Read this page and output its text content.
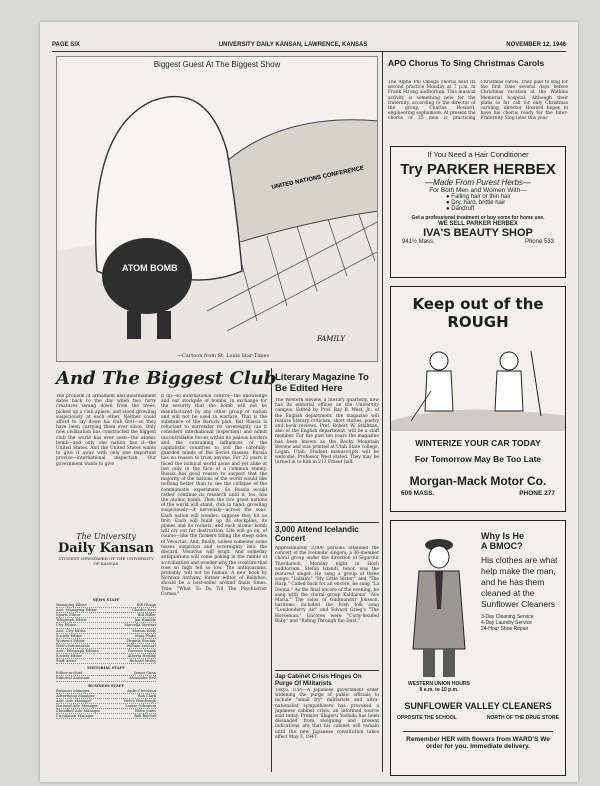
PAGE SIX	UNIVERSITY DAILY KANSAN, LAWRENCE, KANSAS	NOVEMBER 12, 1946
Biggest Guest At The Biggest Show
UNITED NATIONS CONFERENCE
ATOM BOMB
FAMILY
—Cartoon from St. Louis Star-Times
And The Biggest Club
The problem of armament and disarmament dates back to the day when two furry creatures swung down from the trees, picked up a club apiece, and stood growling suspiciously at each other. Neither could afford to lay down his club first—so they have been carrying them ever since. Only now civilization has constructed the biggest club the world has ever seen—the atomic bomb—and only one nation has it—the United States. And the United States wants to give it away with only one important proviso—international inspection. Our government wants to give
it up—to international control—the knowledge and our stockpile of bombs, in exchange for the security that the bomb will not be manufactured by any other group or nation and will not be used in warfare. That is the substance of the Baruch plan. But Russia is reluctant to surrender its sovereignty (as it considers international inspection) and admit uncontrollable forces within its jealous borders and the consuming influences of the capitalistic countries to soil the carefully-guarded minds of the Soviet masses. Russia has no reason to trust anyone. For 22 years it faced the inimical world alone and yet alike at last only in the face of a common enemy. Russia has good reason to suspect that the majority of the nations of the world would like nothing better than to see the collapse of the communistic experiment. So Russia would rather continue its research until it, too, has the atomic bomb. Then the two great nations of the world will stand, club in hand, growling suspiciously—if nervously—across the seas. Each nation will wonder: suppose they hit us first. Each will build up its stockpiles, its planes and its rockets, and each atomic bomb will cry out for destruction. Life will go on, of course—like the farmers tilling the steep sides of Vesuvius. And, finally, unless someone some tosses suspicion and sovereignty into the discard, Vesuvius will erupt. And someday antiquarians will come poking in the rubble of a civilization and wonder why the creature that rose so high fell so low. The antiquarians, probably, will not be human. A new book by Norman Anthony, former editor of Ballyhoo, should be a best-seller around finals times. Title: "What To Do Till The Psychiatrist Comes."
The University
Daily Kansan
STUDENT NEWSPAPER OF THE UNIVERSITY OF KANSAS
NEWS STAFF
Managing Editor	Bill Hoage
Asst. Managing Editor	Charles Ross
Sports Editor	Bill Miller
Telegraph Editor	Jim Humble
City Editor	Marcella Stewart
Asst. City Editor	Marion Eddy
Society Editor	Mary Fluke
Women's Editor	Virginia Sinclair
Men's Intramurals	William Lenhart
Asst. Telegraph Editors	Rowena Swank
Society Editor	Alberta Herlihy
Staff Artist	Richard Moley
EDITORIAL STAFF
Editor-in-chief	James Gunn
Editorial Assistant	Alexander Bell
BUSINESS STAFF
Business Manager	Ardis Cleveland
Advertising Manager	Bob Clark
Asst. Adv. Manager	Helen Heinbaugh
National Adv. Manager	Louise Schramm
Classified Adv. Manager	Bette Jones
Circulation Manager	Bob Beichel
Literary Magazine To Be Edited Here
The Western Review, a literary quarterly, now has its editorial offices on the University campus. Edited by Prof. Ray B. West, Jr., of the English department, the magazine will feature literary criticism, short stories, poetry and book reviews. Prof. Robert W. Stallman, also of the English department, will be a staff member. For the past ten years the magazine has been known as the Rocky Mountain Review and was printed at Utah State college, Logan, Utah. Student manuscripts will be welcome, Professor West stated. They may be turned in to him in 213 Fraser hall.
3,000 Attend Icelandic Concert
Approximately 3,000 persons attended the concert of the Icelandic singers, a 36-member choral group under the direction of Sigurdur Thordarson, Monday night in Hoch auditorium. Stefan Islandi, tenor, was the featured singer. He sang a group of three songs, "Lullaby," "My Little Sister," and "The Harp." Called back for an encore, he sang "La Donna." As the final encore of the evening, he sang with the choral group Kaldalons' "Ave Maria." The solos of Gudmundur Jonsson, baritone, included the Irish folk song "Londonderry Air" and Edvard Grieg's "The Horseman." Encores were "Curly-headed Baby" and "Riding Through the Dust."
Jap Cabinet Crisis Hinges On Purge Of Militarists
Tokyo. (UP)—A Japanese government order widening the purge of public officials to include "small fry" militarists and ultra-nationalist sympathizers has provoked a Japanese cabinet crisis, an informed source said today. Premier Shigeru Yoshida has been dissuaded from resigning and present indications are that his cabinet will remain until the new Japanese constitution takes effect May 3, 1947.
APO Chorus To Sing Christmas Carols
The Alpha Phi Omega chorus held its second practice Monday at 7 p.m. in Frank Strong auditorium. This musical activity is something new for the fraternity, according to the director of the group, Charles Howard, engineering sophomore. At present the chorus of 25 men is practicing Christmas carols. They plan to sing for the first time several days before Christmas vacation at the Watkins Memorial hospital. Although their plans so far call for only Christmas caroling, director Howard hopes to have his chorus ready for the Inter-Fraternity Sing later this year.
If You Need a Hair Conditioner
Try PARKER HERBEX
—Made From Purest Herbs—
For Both Men and Women With—
● Falling hair or thin hair
● Dry, hard, brittle hair
● Dandruff
Get a professional treatment or buy some for home use.
WE SELL PARKER HERBEX
IVA'S BEAUTY SHOP
941½ Mass.	Phone 533
Keep out of the ROUGH
WINTERIZE YOUR CAR TODAY
For Tomorrow May Be Too Late
Morgan-Mack Motor Co.
609 MASS.	PHONE 277
Why Is He
A BMOC?
His clothes are what help make the man, and he has them cleaned at the Sunflower Cleaners
3-Day Cleaning Service
4-Day Laundry Service
24-Hour Shoe Repair
WESTERN UNION HOURS
8 a.m. to 10 p.m.
SUNFLOWER VALLEY CLEANERS
OPPOSITE THE SCHOOL	NORTH OF THE DRUG STORE
Remember HER with flowers from WARD'S We order for you. Immediate delivery.
